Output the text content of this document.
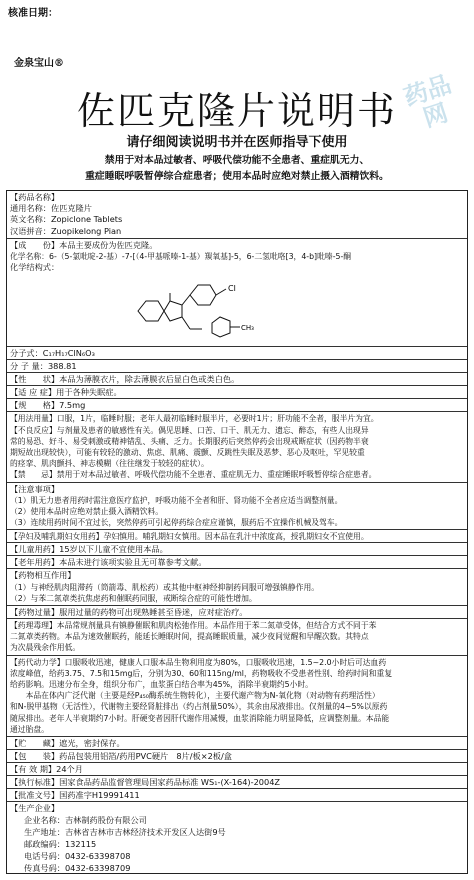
核准日期：
金泉宝山®
药品网
佐匹克隆片说明书
请仔细阅读说明书并在医师指导下使用
禁用于对本品过敏者、呼吸代偿功能不全患者、重症肌无力、
重症睡眠呼吸暂停综合症患者；使用本品时应绝对禁止摄入酒精饮料。
【药品名称】
通用名称：佐匹克隆片
英文名称：Zopiclone Tablets
汉语拼音：Zuopikelong Pian
【成　　份】本品主要成份为佐匹克隆。
化学名称：6-（5-氯吡啶-2-基）-7-[（4-甲基哌嗪-1-基）羰氧基]-5，6-二氢吡咯[3，4-b]吡嗪-5-酮
化学结构式：
Cl
CH₃
分子式：C₁₇H₁₇ClN₆O₃
分 子 量：388.81
【性　　状】本品为薄膜衣片，除去薄膜衣后显白色或类白色。
【适 应 症】用于各种失眠症。
【规　　格】7.5mg
【用法用量】口服，1片，临睡时服；老年人最初临睡时服半片，必要时1片；肝功能不全者，服半片为宜。
【不良反应】与剂量及患者的敏感性有关。偶见思睡、口苦、口干、肌无力、遗忘、醉态，有些人出现异
常的易恐、好斗、易受刺激或精神错乱、头痛、乏力。长期服药后突然停药会出现戒断症状（因药物半衰
期短故出现较快），可能有较轻的激动、焦虑、肌痛、震颤、反跳性失眠及恶梦、恶心及呕吐，罕见较重
的痉挛、肌肉颤抖、神志模糊（往往继发于较轻的症状）。
【禁　　忌】禁用于对本品过敏者、呼吸代偿功能不全患者、重症肌无力、重症睡眠呼吸暂停综合症患者。
【注意事项】
（1）肌无力患者用药时需注意医疗监护，呼吸功能不全者和肝、肾功能不全者应适当调整剂量。
（2）使用本品时应绝对禁止摄入酒精饮料。
（3）连续用药时间不宜过长，突然停药可引起停药综合症应谨慎，服药后不宜操作机械及驾车。
【孕妇及哺乳期妇女用药】孕妇慎用。哺乳期妇女慎用。因本品在乳汁中浓度高，授乳期妇女不宜使用。
【儿童用药】15岁以下儿童不宜使用本品。
【老年用药】本品未进行该项实验且无可靠参考文献。
【药物相互作用】
（1）与神经肌肉阻滞药（筒箭毒、肌松药）或其他中枢神经抑制药同服可增强镇静作用。
（2）与苯二氮䓬类抗焦虑药和催眠药同服，戒断综合症的可能性增加。
【药物过量】服用过量的药物可出现熟睡甚至昏迷，应对症治疗。
【药理毒理】本品常规剂量具有镇静催眠和肌肉松弛作用。本品作用于苯二氮䓬受体，但结合方式不同于苯
二氮䓬类药物。本品为速效催眠药，能延长睡眠时间，提高睡眠质量，减少夜间觉醒和早醒次数。其特点
为次晨残余作用低。
【药代动力学】口服吸收迅速，健康人口服本品生物利用度为80%，口服吸收迅速，1.5~2.0小时后可达血药
浓度峰值，给药3.75、7.5和15mg后，分别为30、60和115ng/ml，药物吸收不受患者性别、给药时间和重复
给药影响。迅速分布全身，组织分布广，血浆蛋白结合率为45%，消除半衰期约5小时。
　　本品在体内广泛代谢（主要是经P₄₅₀酶系统生物转化），主要代谢产物为N-氧化物（对动物有药理活性）
和N-脱甲基物（无活性），代谢物主要经肾脏排出（约占剂量50%），其余由尿液排出。仅剂量的4~5%以原药
随尿排出。老年人半衰期约7小时。肝硬变者因肝代谢作用减慢，血浆消除能力明显降低，应调整剂量。本品能
通过胎盘。
【贮　　藏】遮光，密封保存。
【包　　装】药品包装用铝箔/药用PVC硬片　8片/板×2板/盒
【有 效 期】24个月
【执行标准】国家食品药品监督管理局国家药品标准 WS₁-(X-164)-2004Z
【批准文号】国药准字H19991411
【生产企业】
企业名称：吉林制药股份有限公司
生产地址：吉林省吉林市吉林经济技术开发区人达街9号
邮政编码：132115
电话号码：0432-63398708
传真号码：0432-63398709
